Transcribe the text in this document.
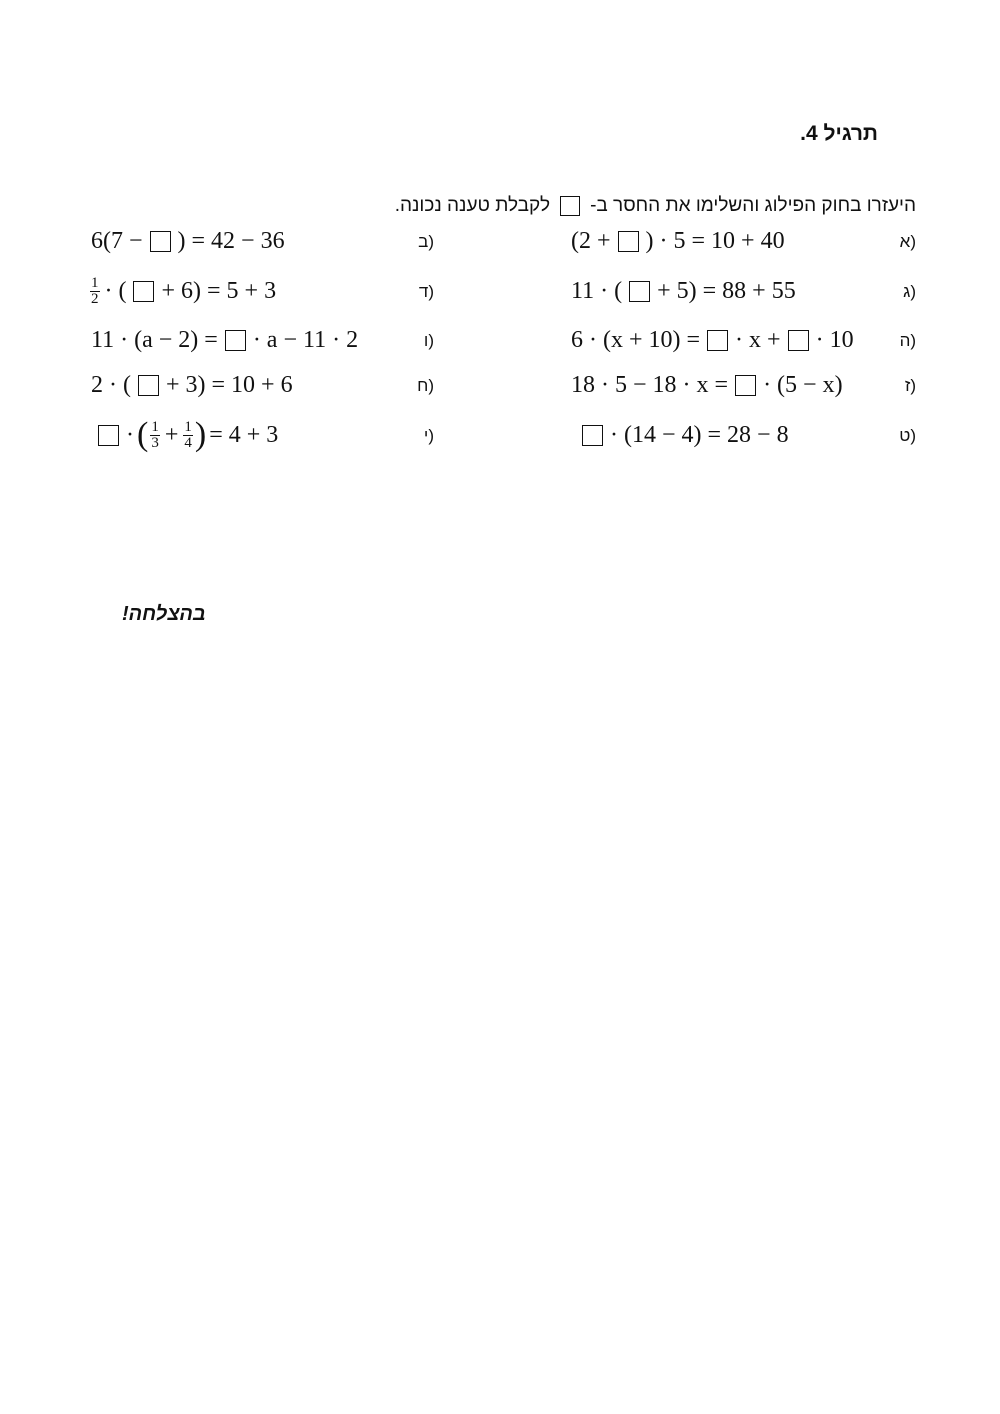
תרגיל 4.
היעזרו בחוק הפילוג והשלימו את החסר ב-
לקבלת טענה נכונה.
(א
(2 + ) · 5 = 10 + 40
(ב
6(7 − ) = 42 − 36
(ג
11 · ( + 5) = 88 + 55
(ד
$\frac{1}{2}$ · ( + 6) = 5 + 3
(ה
6 · (x + 10) = · x + · 10
(ו
11 · (a − 2) = · a − 11 · 2
(ז
18 · 5 − 18 · x = · (5 − x)
(ח
2 · ( + 3) = 10 + 6
(ט
· (14 − 4) = 28 − 8
(י
· ( $\frac{1}{3} + \frac{1}{4}$ ) = 4 + 3
בהצלחה!
